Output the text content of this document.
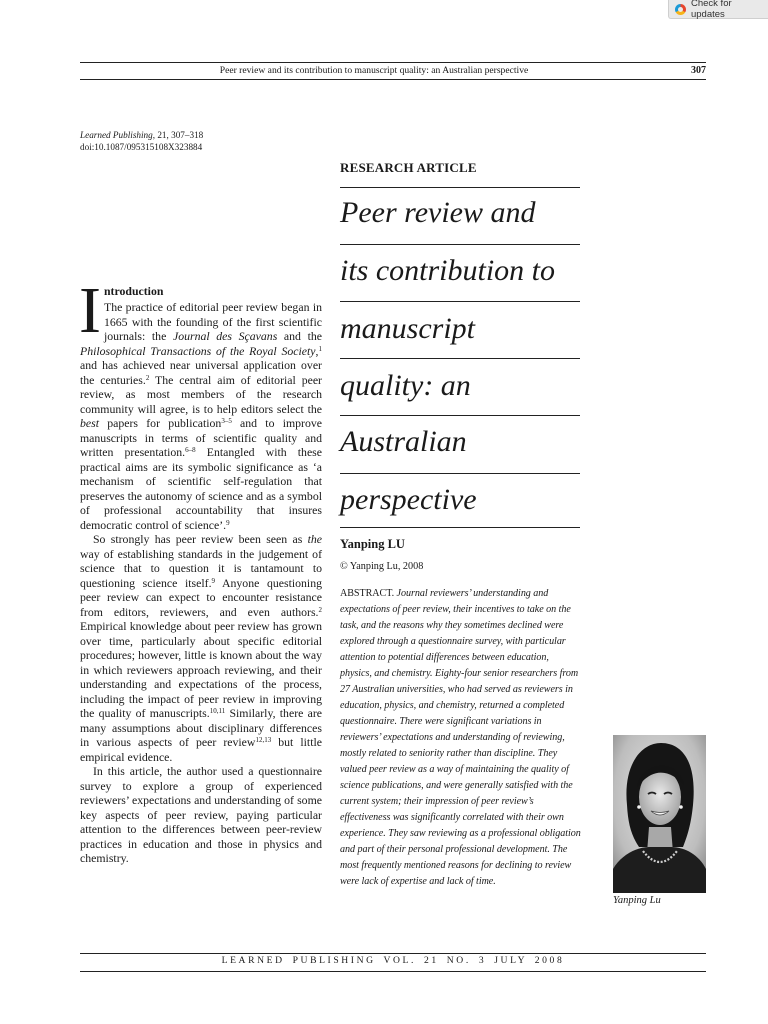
Check for updates
Peer review and its contribution to manuscript quality: an Australian perspective	307
Learned Publishing, 21, 307–318
doi:10.1087/095315108X323884
I ntroduction

The practice of editorial peer review began in 1665 with the founding of the first scientific journals: the Journal des Sçavans and the Philosophical Transactions of the Royal Society,$^1$ and has achieved near universal application over the centuries.$^2$ The central aim of editorial peer review, as most members of the research community will agree, is to help editors select the best papers for publication$^{3-5}$ and to improve manuscripts in terms of scientific quality and written presentation.$^{6-8}$ Entangled with these practical aims are its symbolic significance as ‘a mechanism of scientific self-regulation that preserves the autonomy of science and as a symbol of professional accountability that insures democratic control of science’.$^9$

So strongly has peer review been seen as the way of establishing standards in the judgement of science that to question it is tantamount to questioning science itself.$^9$ Anyone questioning peer review can expect to encounter resistance from editors, reviewers, and even authors.$^2$ Empirical knowledge about peer review has grown over time, particularly about specific editorial procedures; however, little is known about the way in which reviewers approach reviewing, and their understanding and expectations of the process, including the impact of peer review in improving the quality of manuscripts.$^{10,11}$ Similarly, there are many assumptions about disciplinary differences in various aspects of peer review$^{12,13}$ but little empirical evidence.

In this article, the author used a questionnaire survey to explore a group of experienced reviewers’ expectations and understanding of some key aspects of peer review, paying particular attention to the differences between peer-review practices in education and those in physics and chemistry.

RESEARCH ARTICLE
Peer review and
its contribution to
manuscript
quality: an
Australian
perspective
Yanping LU
© Yanping Lu, 2008
ABSTRACT. Journal reviewers’ understanding and expectations of peer review, their incentives to take on the task, and the reasons why they sometimes declined were explored through a questionnaire survey, with particular attention to potential differences between education, physics, and chemistry. Eighty-four senior researchers from 27 Australian universities, who had served as reviewers in education, physics, and chemistry, returned a completed questionnaire. There were significant variations in reviewers’ expectations and understanding of reviewing, mostly related to seniority rather than discipline. They valued peer review as a way of maintaining the quality of science publications, and were generally satisfied with the current system; their impression of peer review’s effectiveness was significantly correlated with their own experience. They saw reviewing as a professional obligation and part of their personal professional development. The most frequently mentioned reasons for declining to review were lack of expertise and lack of time.
Yanping Lu
LEARNED PUBLISHING VOL. 21 NO. 3 JULY 2008
